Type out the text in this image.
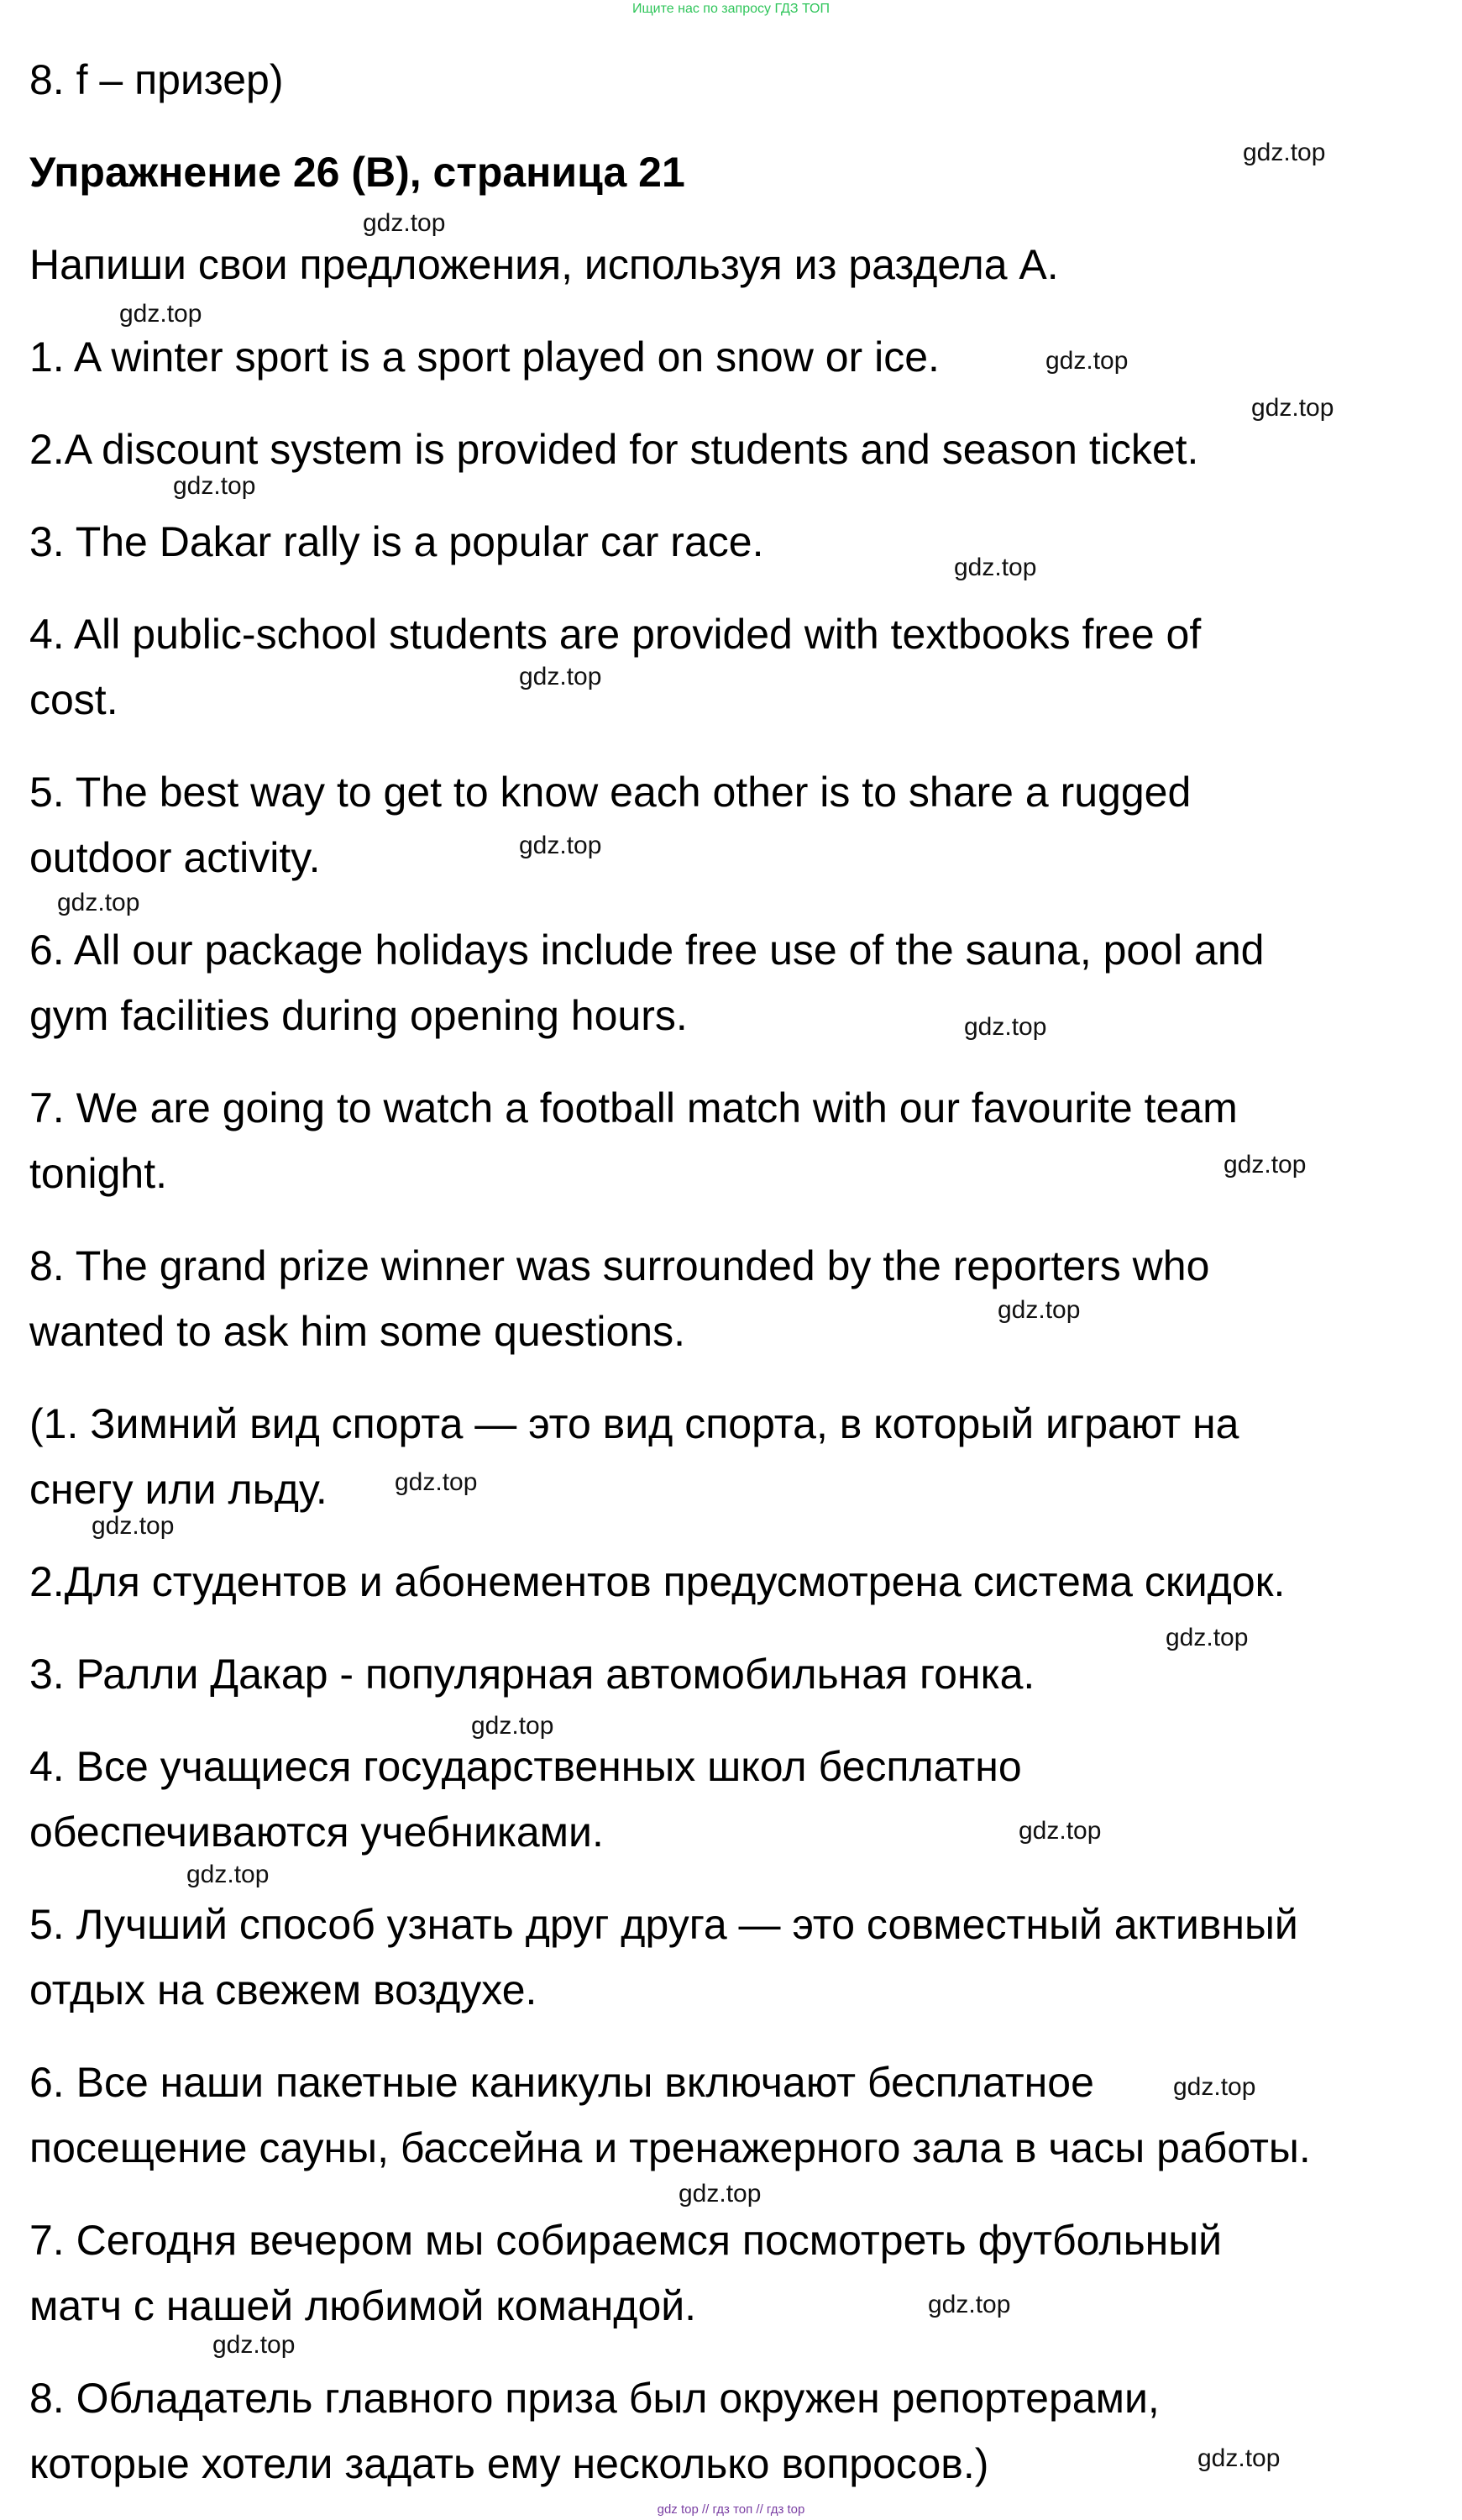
Ищите нас по запросу ГДЗ ТОП
8. f – призер)
Упражнение 26 (B), страница 21
Напиши свои предложения, используя из раздела А.
1. A winter sport is a sport played on snow or ice.
2.A discount system is provided for students and season ticket.
3. The Dakar rally is a popular car race.
4. All public-school students are provided with textbooks free of
cost.
5. The best way to get to know each other is to share a rugged
outdoor activity.
6. All our package holidays include free use of the sauna, pool and
gym facilities during opening hours.
7. We are going to watch a football match with our favourite team
tonight.
8. The grand prize winner was surrounded by the reporters who
wanted to ask him some questions.
(1. Зимний вид спорта — это вид спорта, в который играют на
снегу или льду.
2.Для студентов и абонементов предусмотрена система скидок.
3. Ралли Дакар - популярная автомобильная гонка.
4. Все учащиеся государственных школ бесплатно
обеспечиваются учебниками.
5. Лучший способ узнать друг друга — это совместный активный
отдых на свежем воздухе.
6. Все наши пакетные каникулы включают бесплатное
посещение сауны, бассейна и тренажерного зала в часы работы.
7. Сегодня вечером мы собираемся посмотреть футбольный
матч с нашей любимой командой.
8. Обладатель главного приза был окружен репортерами,
которые хотели задать ему несколько вопросов.)
gdz.top
gdz.top
gdz.top
gdz.top
gdz.top
gdz.top
gdz.top
gdz.top
gdz.top
gdz.top
gdz.top
gdz.top
gdz.top
gdz.top
gdz.top
gdz.top
gdz.top
gdz.top
gdz.top
gdz.top
gdz.top
gdz.top
gdz.top
gdz.top
gdz top // гдз топ // гдз top
